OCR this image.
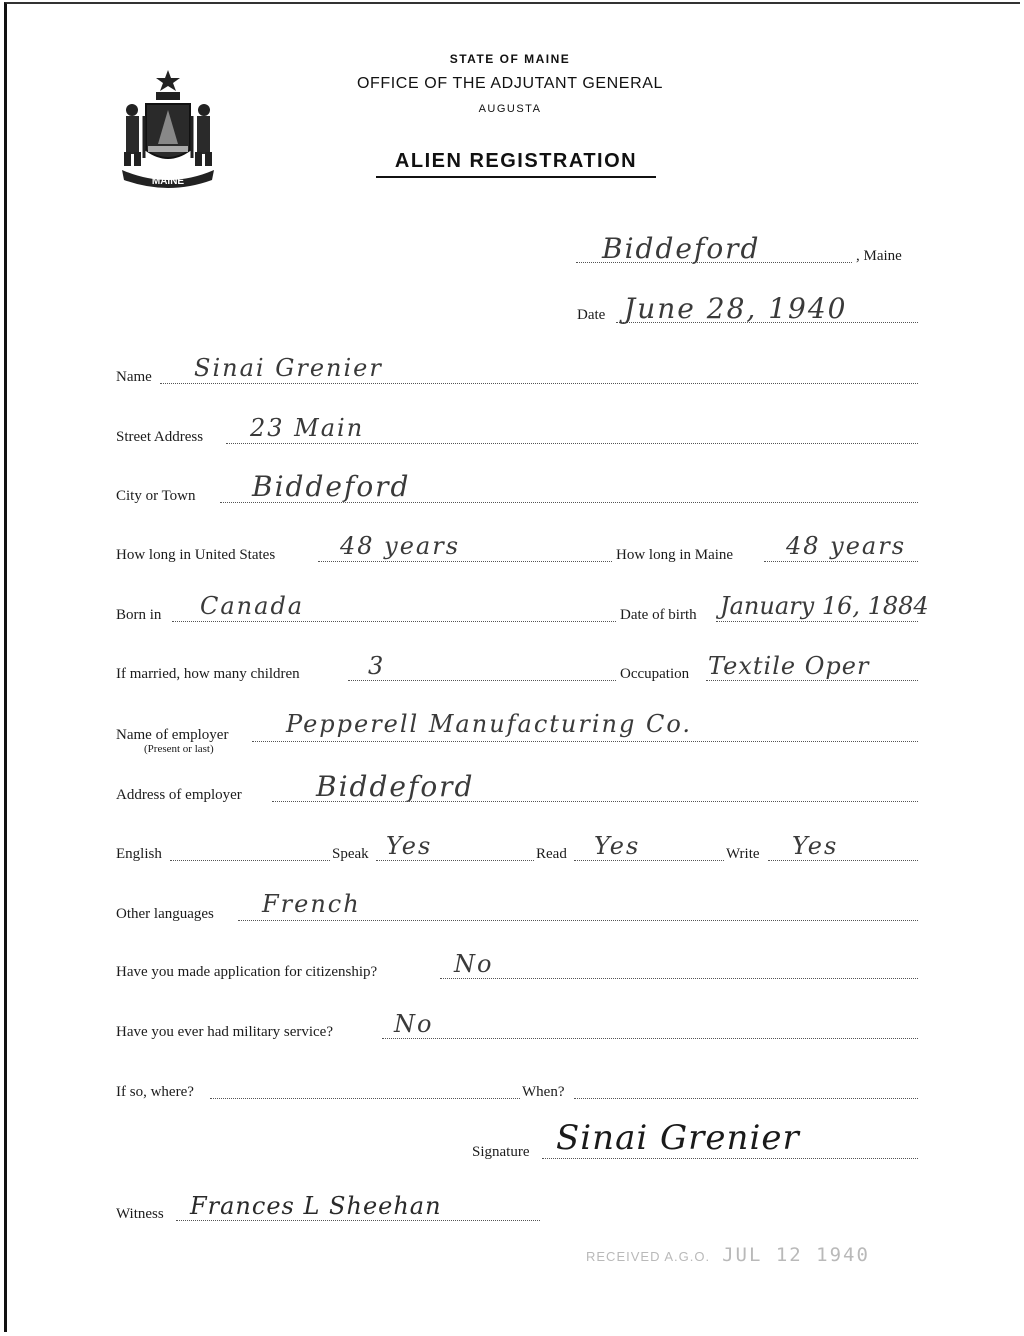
MAINE
STATE OF MAINE
OFFICE OF THE ADJUTANT GENERAL
AUGUSTA
ALIEN REGISTRATION
Biddeford	, Maine
Date June 28, 1940
Name Sinai Grenier
Street Address 23 Main
City or Town Biddeford
How long in United States	48 years	How long in Maine 48 years
Born in Canada	Date of birth January 16, 1884
If married, how many children	3	Occupation Textile Oper
Name of employer
(Present or last)
Pepperell Manufacturing Co.
Address of employer	Biddeford
English	Speak Yes	Read Yes	Write Yes
Other languages French
Have you made application for citizenship?	No
Have you ever had military service?	No
If so, where?	When?
Signature Sinai Grenier
Witness Frances L Sheehan
RECEIVED A.G.O. JUL 12 1940
